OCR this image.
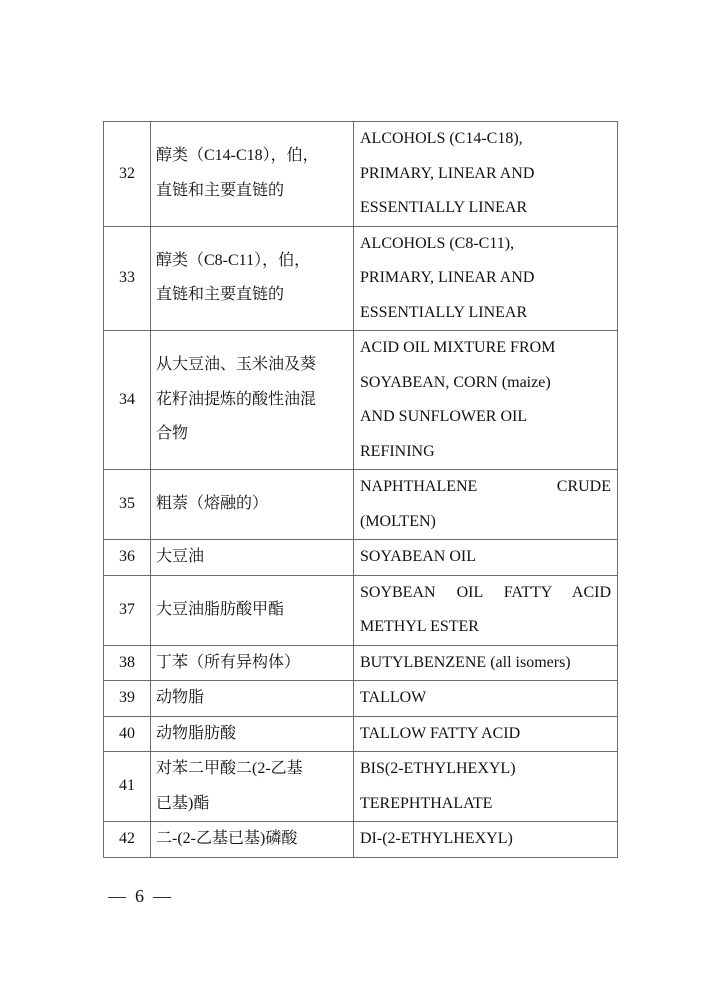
32	醇类（C14-C18），伯，
直链和主要直链的	ALCOHOLS (C14-C18),
PRIMARY, LINEAR AND
ESSENTIALLY LINEAR

33	醇类（C8-C11），伯，
直链和主要直链的	ALCOHOLS (C8-C11),
PRIMARY, LINEAR AND
ESSENTIALLY LINEAR

34	从大豆油、玉米油及葵
花籽油提炼的酸性油混
合物	ACID OIL MIXTURE FROM
SOYABEAN, CORN (maize)
AND SUNFLOWER OIL
REFINING

35	粗萘（熔融的）	NAPHTHALENE CRUDE
(MOLTEN)

36	大豆油	SOYABEAN OIL

37	大豆油脂肪酸甲酯	SOYBEAN OIL FATTY ACID
METHYL ESTER

38	丁苯（所有异构体）	BUTYLBENZENE (all isomers)

39	动物脂	TALLOW

40	动物脂肪酸	TALLOW FATTY ACID

41	对苯二甲酸二(2-乙基
已基)酯	BIS(2-ETHYLHEXYL)
TEREPHTHALATE

42	二-(2-乙基已基)磷酸	DI-(2-ETHYLHEXYL)
—  6  —
